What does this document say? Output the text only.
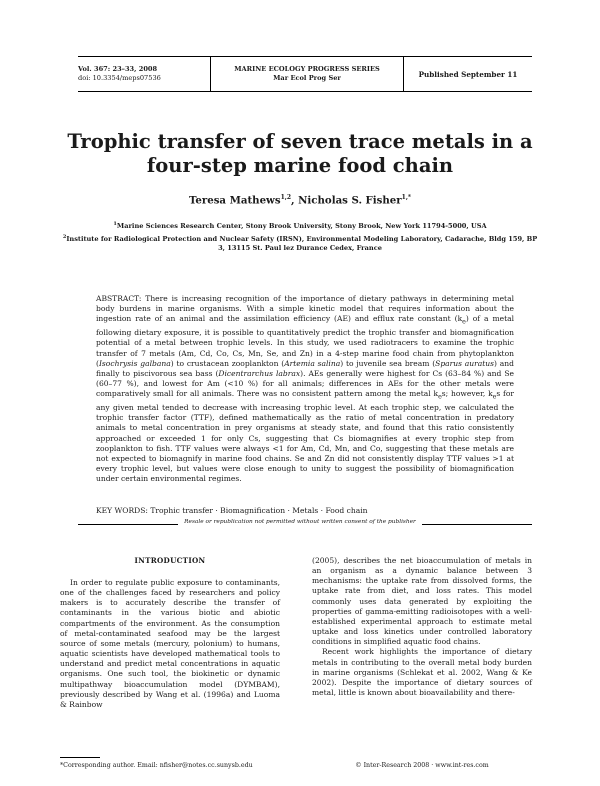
Vol. 367: 23–33, 2008
doi: 10.3354/meps07536
MARINE ECOLOGY PROGRESS SERIES
Mar Ecol Prog Ser	Published September 11
Trophic transfer of seven trace metals in a four-step marine food chain
Teresa Mathews$^{1,2}$, Nicholas S. Fisher$^{1,*}$
$^1$Marine Sciences Research Center, Stony Brook University, Stony Brook, New York 11794-5000, USA
$^2$Institute for Radiological Protection and Nuclear Safety (IRSN), Environmental Modeling Laboratory, Cadarache, Bldg 159, BP 3, 13115 St. Paul lez Durance Cedex, France

ABSTRACT: There is increasing recognition of the importance of dietary pathways in determining metal body burdens in marine organisms. With a simple kinetic model that requires information about the ingestion rate of an animal and the assimilation efficiency (AE) and efflux rate constant $(k_e)$ of a metal following dietary exposure, it is possible to quantitatively predict the trophic transfer and biomagnification potential of a metal between trophic levels. In this study, we used radiotracers to examine the trophic transfer of 7 metals (Am, Cd, Co, Cs, Mn, Se, and Zn) in a 4-step marine food chain from phytoplankton (Isochrysis galbana) to crustacean zooplankton (Artemia salina) to juvenile sea bream (Sparus auratus) and finally to piscivorous sea bass (Dicentrarchus labrax). AEs generally were highest for Cs (63–84 %) and Se (60–77 %), and lowest for Am (<10 %) for all animals; differences in AEs for the other metals were comparatively small for all animals. There was no consistent pattern among the metal $k_es$; however, $k_es$ for any given metal tended to decrease with increasing trophic level. At each trophic step, we calculated the trophic transfer factor (TTF), defined mathematically as the ratio of metal concentration in predatory animals to metal concentration in prey organisms at steady state, and found that this ratio consistently approached or exceeded 1 for only Cs, suggesting that Cs biomagnifies at every trophic step from zooplankton to fish. TTF values were always <1 for Am, Cd, Mn, and Co, suggesting that these metals are not expected to biomagnify in marine food chains. Se and Zn did not consistently display TTF values >1 at every trophic level, but values were close enough to unity to suggest the possibility of biomagnification under certain environmental regimes.

KEY WORDS: Trophic transfer · Biomagnification · Metals · Food chain
Resale or republication not permitted without written consent of the publisher
INTRODUCTION

In order to regulate public exposure to contaminants, one of the challenges faced by researchers and policy makers is to accurately describe the transfer of contaminants in the various biotic and abiotic compartments of the environment. As the consumption of metal-contaminated seafood may be the largest source of some metals (mercury, polonium) to humans, aquatic scientists have developed mathematical tools to understand and predict metal concentrations in aquatic organisms. One such tool, the biokinetic or dynamic multipathway bioaccumulation model (DYMBAM), previously described by Wang et al. (1996a) and Luoma & Rainbow

(2005), describes the net bioaccumulation of metals in an organism as a dynamic balance between 3 mechanisms: the uptake rate from dissolved forms, the uptake rate from diet, and loss rates. This model commonly uses data generated by exploiting the properties of gamma-emitting radioisotopes with a well-established experimental approach to estimate metal uptake and loss kinetics under controlled laboratory conditions in simplified aquatic food chains.

Recent work highlights the importance of dietary metals in contributing to the overall metal body burden in marine organisms (Schlekat et al. 2002, Wang & Ke 2002). Despite the importance of dietary sources of metal, little is known about bioavailability and there-

*Corresponding author. Email: nfisher@notes.cc.sunysb.edu	© Inter-Research 2008 · www.int-res.com
